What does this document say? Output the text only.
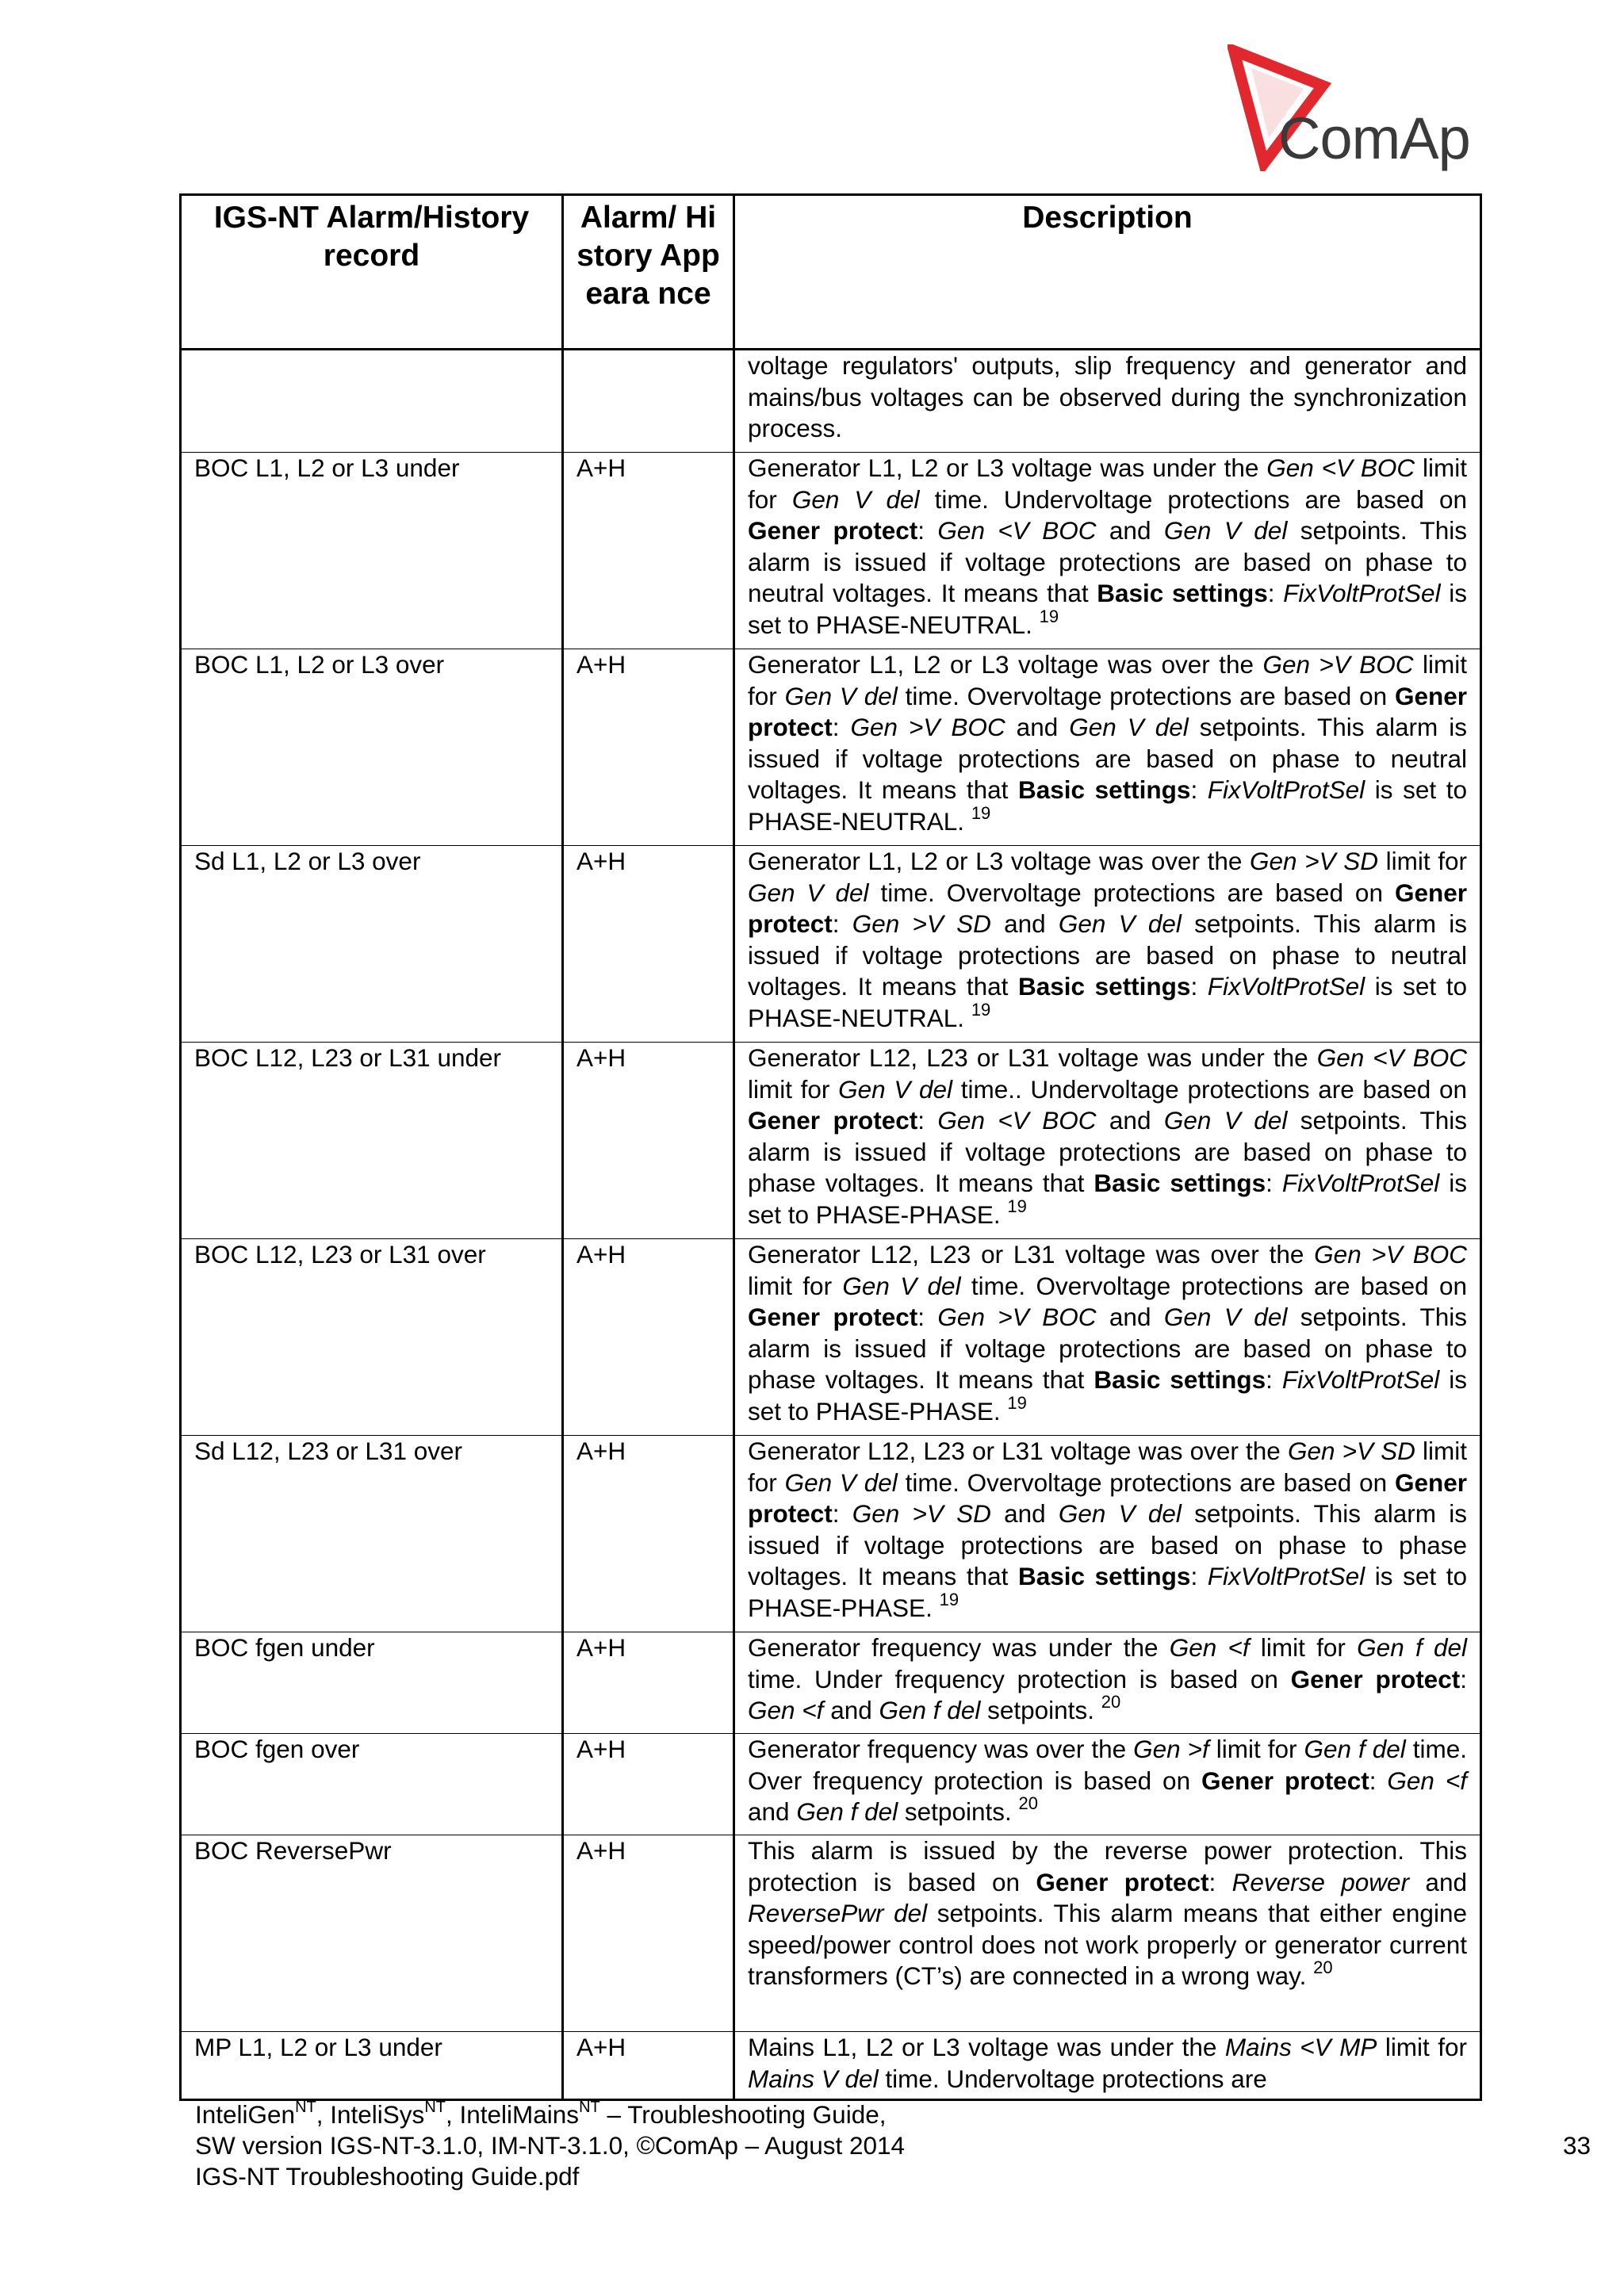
ComAp
IGS-NT Alarm/History record	Alarm/ History Appeara nce	Description
		voltage regulators' outputs, slip frequency and generator and mains/bus voltages can be observed during the synchronization process.
BOC L1, L2 or L3 under	A+H	Generator L1, L2 or L3 voltage was under the Gen <V BOC limit for Gen V del time. Undervoltage protections are based on Gener protect: Gen <V BOC and Gen V del setpoints. This alarm is issued if voltage protections are based on phase to neutral voltages. It means that Basic settings: FixVoltProtSel is set to PHASE-NEUTRAL. $^{19}$
BOC L1, L2 or L3 over	A+H	Generator L1, L2 or L3 voltage was over the Gen >V BOC limit for Gen V del time. Overvoltage protections are based on Gener protect: Gen >V BOC and Gen V del setpoints. This alarm is issued if voltage protections are based on phase to neutral voltages. It means that Basic settings: FixVoltProtSel is set to PHASE-NEUTRAL. $^{19}$
Sd L1, L2 or L3 over	A+H	Generator L1, L2 or L3 voltage was over the Gen >V SD limit for Gen V del time. Overvoltage protections are based on Gener protect: Gen >V SD and Gen V del setpoints. This alarm is issued if voltage protections are based on phase to neutral voltages. It means that Basic settings: FixVoltProtSel is set to PHASE-NEUTRAL. $^{19}$
BOC L12, L23 or L31 under	A+H	Generator L12, L23 or L31 voltage was under the Gen <V BOC limit for Gen V del time.. Undervoltage protections are based on Gener protect: Gen <V BOC and Gen V del setpoints. This alarm is issued if voltage protections are based on phase to phase voltages. It means that Basic settings: FixVoltProtSel is set to PHASE-PHASE. $^{19}$
BOC L12, L23 or L31 over	A+H	Generator L12, L23 or L31 voltage was over the Gen >V BOC limit for Gen V del time. Overvoltage protections are based on Gener protect: Gen >V BOC and Gen V del setpoints. This alarm is issued if voltage protections are based on phase to phase voltages. It means that Basic settings: FixVoltProtSel is set to PHASE-PHASE. $^{19}$
Sd L12, L23 or L31 over	A+H	Generator L12, L23 or L31 voltage was over the Gen >V SD limit for Gen V del time. Overvoltage protections are based on Gener protect: Gen >V SD and Gen V del setpoints. This alarm is issued if voltage protections are based on phase to phase voltages. It means that Basic settings: FixVoltProtSel is set to PHASE-PHASE. $^{19}$
BOC fgen under	A+H	Generator frequency was under the Gen <f limit for Gen f del time. Under frequency protection is based on Gener protect: Gen <f and Gen f del setpoints. $^{20}$
BOC fgen over	A+H	Generator frequency was over the Gen >f limit for Gen f del time. Over frequency protection is based on Gener protect: Gen <f and Gen f del setpoints. $^{20}$
BOC ReversePwr	A+H	This alarm is issued by the reverse power protection. This protection is based on Gener protect: Reverse power and ReversePwr del setpoints. This alarm means that either engine speed/power control does not work properly or generator current transformers (CT’s) are connected in a wrong way. $^{20}$
MP L1, L2 or L3 under	A+H	Mains L1, L2 or L3 voltage was under the Mains <V MP limit for Mains V del time. Undervoltage protections are
InteliGen$^{NT}$, InteliSys$^{NT}$, InteliMains$^{NT}$ – Troubleshooting Guide,
SW version IGS-NT-3.1.0, IM-NT-3.1.0, ©ComAp – August 2014
IGS-NT Troubleshooting Guide.pdf
33
